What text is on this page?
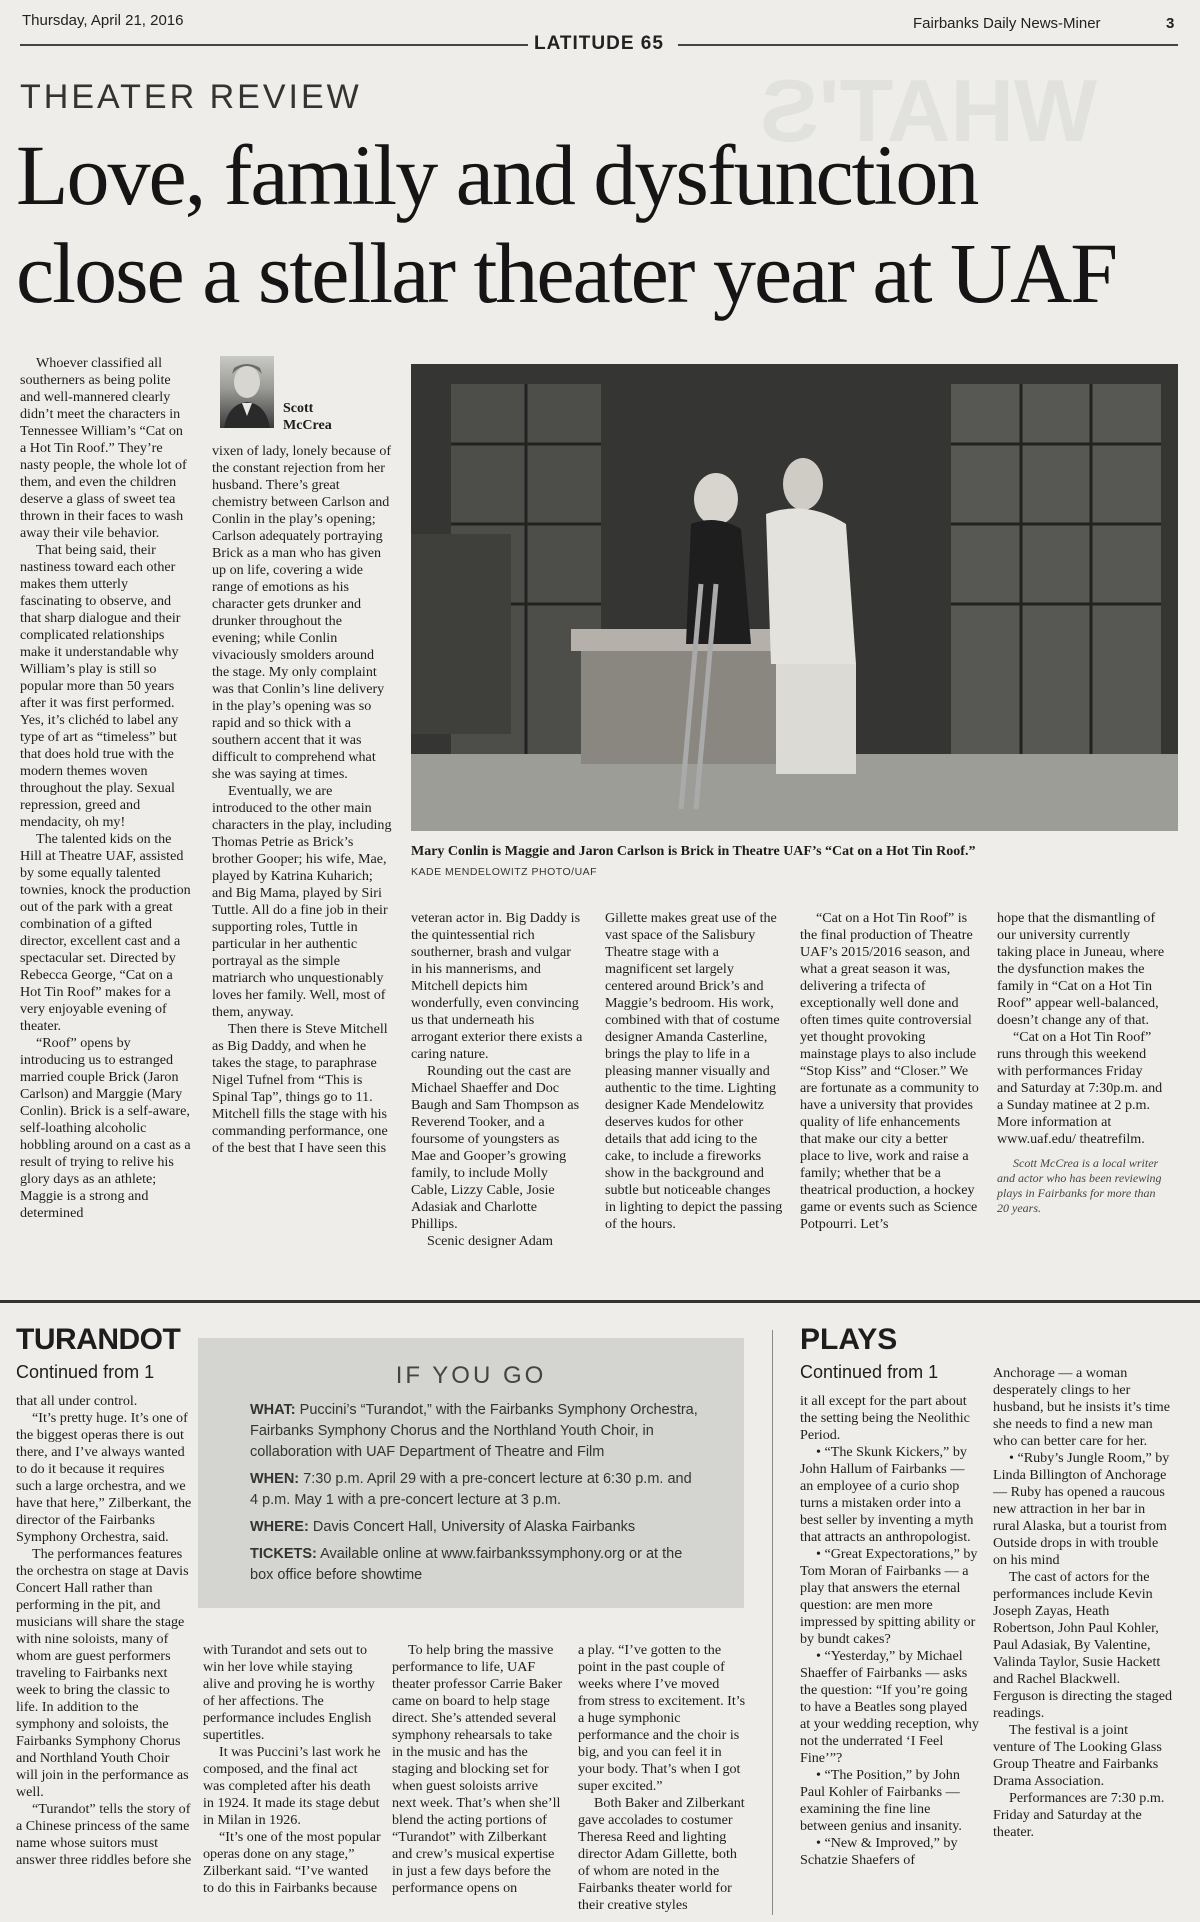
Thursday, April 21, 2016	Fairbanks Daily News-Miner	3
LATITUDE 65
WHAT'S
THEATER REVIEW
Love, family and dysfunction
close a stellar theater year at UAF

Whoever classified all southerners as being polite and well-mannered clearly didn’t meet the characters in Tennessee William’s “Cat on a Hot Tin Roof.” They’re nasty people, the whole lot of them, and even the children deserve a glass of sweet tea thrown in their faces to wash away their vile behavior.

That being said, their nastiness toward each other makes them utterly fascinating to observe, and that sharp dialogue and their complicated relationships make it understandable why William’s play is still so popular more than 50 years after it was first performed. Yes, it’s clichéd to label any type of art as “timeless” but that does hold true with the modern themes woven throughout the play. Sexual repression, greed and mendacity, oh my!

The talented kids on the Hill at Theatre UAF, assisted by some equally talented townies, knock the production out of the park with a great combination of a gifted director, excellent cast and a spectacular set. Directed by Rebecca George, “Cat on a Hot Tin Roof” makes for a very enjoyable evening of theater.

“Roof” opens by introducing us to estranged married couple Brick (Jaron Carlson) and Marggie (Mary Conlin). Brick is a self-aware, self-loathing alcoholic hobbling around on a cast as a result of trying to relive his glory days as an athlete; Maggie is a strong and determined

Scott McCrea

vixen of lady, lonely because of the constant rejection from her husband. There’s great chemistry between Carlson and Conlin in the play’s opening; Carlson adequately portraying Brick as a man who has given up on life, covering a wide range of emotions as his character gets drunker and drunker throughout the evening; while Conlin vivaciously smolders around the stage. My only complaint was that Conlin’s line delivery in the play’s opening was so rapid and so thick with a southern accent that it was difficult to comprehend what she was saying at times.

Eventually, we are introduced to the other main characters in the play, including Thomas Petrie as Brick’s brother Gooper; his wife, Mae, played by Katrina Kuharich; and Big Mama, played by Siri Tuttle. All do a fine job in their supporting roles, Tuttle in particular in her authentic portrayal as the simple matriarch who unquestionably loves her family. Well, most of them, anyway.

Then there is Steve Mitchell as Big Daddy, and when he takes the stage, to paraphrase Nigel Tufnel from “This is Spinal Tap”, things go to 11. Mitchell fills the stage with his commanding performance, one of the best that I have seen this

Mary Conlin is Maggie and Jaron Carlson is Brick in Theatre UAF’s “Cat on a Hot Tin Roof.”
KADE MENDELOWITZ PHOTO/UAF

veteran actor in. Big Daddy is the quintessential rich southerner, brash and vulgar in his mannerisms, and Mitchell depicts him wonderfully, even convincing us that underneath his arrogant exterior there exists a caring nature.

Rounding out the cast are Michael Shaeffer and Doc Baugh and Sam Thompson as Reverend Tooker, and a foursome of youngsters as Mae and Gooper’s growing family, to include Molly Cable, Lizzy Cable, Josie Adasiak and Charlotte Phillips.

Scenic designer Adam

Gillette makes great use of the vast space of the Salisbury Theatre stage with a magnificent set largely centered around Brick’s and Maggie’s bedroom. His work, combined with that of costume designer Amanda Casterline, brings the play to life in a pleasing manner visually and authentic to the time. Lighting designer Kade Mendelowitz deserves kudos for other details that add icing to the cake, to include a fireworks show in the background and subtle but noticeable changes in lighting to depict the passing of the hours.

“Cat on a Hot Tin Roof” is the final production of Theatre UAF’s 2015/2016 season, and what a great season it was, delivering a trifecta of exceptionally well done and often times quite controversial yet thought provoking mainstage plays to also include “Stop Kiss” and “Closer.” We are fortunate as a community to have a university that provides quality of life enhancements that make our city a better place to live, work and raise a family; whether that be a theatrical production, a hockey game or events such as Science Potpourri. Let’s

hope that the dismantling of our university currently taking place in Juneau, where the dysfunction makes the family in “Cat on a Hot Tin Roof” appear well-balanced, doesn’t change any of that.

“Cat on a Hot Tin Roof” runs through this weekend with performances Friday and Saturday at 7:30p.m. and a Sunday matinee at 2 p.m. More information at www.uaf.edu/ theatrefilm.

Scott McCrea is a local writer and actor who has been reviewing plays in Fairbanks for more than 20 years.

TURANDOT
Continued from 1

that all under control.

“It’s pretty huge. It’s one of the biggest operas there is out there, and I’ve always wanted to do it because it requires such a large orchestra, and we have that here,” Zilberkant, the director of the Fairbanks Symphony Orchestra, said.

The performances features the orchestra on stage at Davis Concert Hall rather than performing in the pit, and musicians will share the stage with nine soloists, many of whom are guest performers traveling to Fairbanks next week to bring the classic to life. In addition to the symphony and soloists, the Fairbanks Symphony Chorus and Northland Youth Choir will join in the performance as well.

“Turandot” tells the story of a Chinese princess of the same name whose suitors must answer three riddles before she

IF YOU GO
WHAT: Puccini’s “Turandot,” with the Fairbanks Symphony Orchestra, Fairbanks Symphony Chorus and the Northland Youth Choir, in collaboration with UAF Department of Theatre and Film
WHEN: 7:30 p.m. April 29 with a pre-concert lecture at 6:30 p.m. and 4 p.m. May 1 with a pre-concert lecture at 3 p.m.
WHERE: Davis Concert Hall, University of Alaska Fairbanks
TICKETS: Available online at www.fairbankssymphony.org or at the box office before showtime

with Turandot and sets out to win her love while staying alive and proving he is worthy of her affections. The performance includes English supertitles.

It was Puccini’s last work he composed, and the final act was completed after his death in 1924. It made its stage debut in Milan in 1926.

“It’s one of the most popular operas done on any stage,” Zilberkant said. “I’ve wanted to do this in Fairbanks because

To help bring the massive performance to life, UAF theater professor Carrie Baker came on board to help stage direct. She’s attended several symphony rehearsals to take in the music and has the staging and blocking set for when guest soloists arrive next week. That’s when she’ll blend the acting portions of “Turandot” with Zilberkant and crew’s musical expertise in just a few days before the performance opens on

a play. “I’ve gotten to the point in the past couple of weeks where I’ve moved from stress to excitement. It’s a huge symphonic performance and the choir is big, and you can feel it in your body. That’s when I got super excited.”

Both Baker and Zilberkant gave accolades to costumer Theresa Reed and lighting director Adam Gillette, both of whom are noted in the Fairbanks theater world for their creative styles

PLAYS
Continued from 1

it all except for the part about the setting being the Neolithic Period.

• “The Skunk Kickers,” by John Hallum of Fairbanks — an employee of a curio shop turns a mistaken order into a best seller by inventing a myth that attracts an anthropologist.

• “Great Expectorations,” by Tom Moran of Fairbanks — a play that answers the eternal question: are men more impressed by spitting ability or by bundt cakes?

• “Yesterday,” by Michael Shaeffer of Fairbanks — asks the question: “If you’re going to have a Beatles song played at your wedding reception, why not the underrated ‘I Feel Fine’”?

• “The Position,” by John Paul Kohler of Fairbanks — examining the fine line between genius and insanity.

• “New & Improved,” by Schatzie Shaefers of

Anchorage — a woman desperately clings to her husband, but he insists it’s time she needs to find a new man who can better care for her.

• “Ruby’s Jungle Room,” by Linda Billington of Anchorage — Ruby has opened a raucous new attraction in her bar in rural Alaska, but a tourist from Outside drops in with trouble on his mind

The cast of actors for the performances include Kevin Joseph Zayas, Heath Robertson, John Paul Kohler, Paul Adasiak, By Valentine, Valinda Taylor, Susie Hackett and Rachel Blackwell. Ferguson is directing the staged readings.

The festival is a joint venture of The Looking Glass Group Theatre and Fairbanks Drama Association.

Performances are 7:30 p.m. Friday and Saturday at the theater.
